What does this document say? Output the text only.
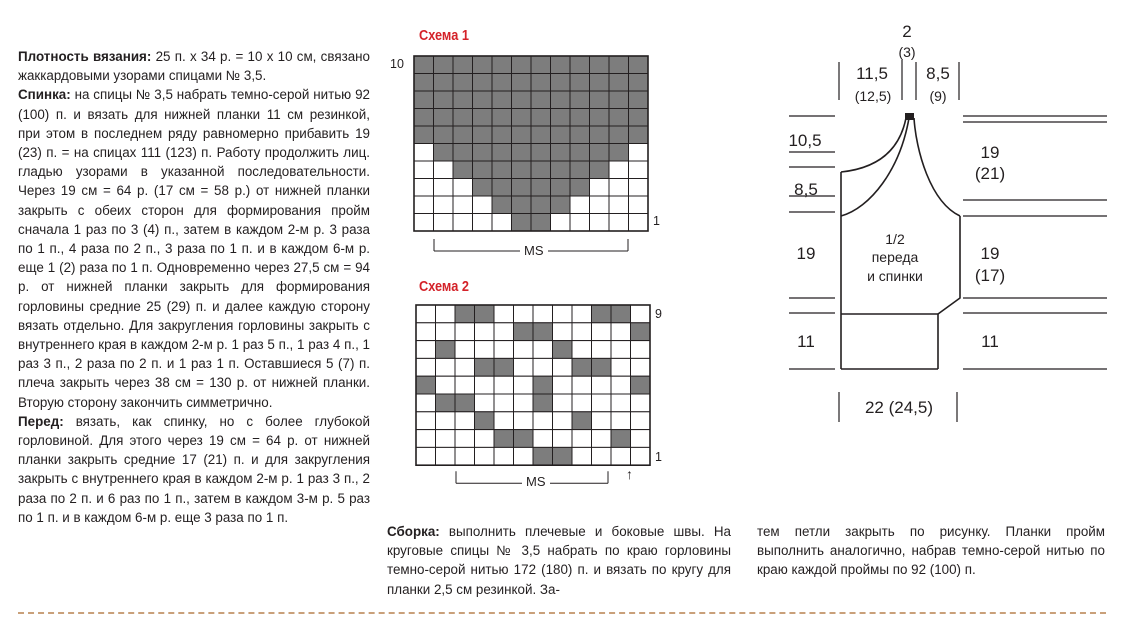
Плотность вязания: 25 п. х 34 р. = 10 х 10 см, связано жаккардовыми узорами спицами № 3,5.

Спинка: на спицы № 3,5 набрать темно-серой нитью 92 (100) п. и вязать для нижней планки 11 см резинкой, при этом в последнем ряду равномерно прибавить 19 (23) п. = на спицах 111 (123) п. Работу продолжить лиц. гладью узорами в указанной последовательности. Через 19 см = 64 р. (17 см = 58 р.) от нижней планки закрыть с обеих сторон для формирования пройм сначала 1 раз по 3 (4) п., затем в каждом 2-м р. 3 раза по 1 п., 4 раза по 2 п., 3 раза по 1 п. и в каждом 6-м р. еще 1 (2) раза по 1 п. Одновременно через 27,5 см = 94 р. от нижней планки закрыть для формирования горловины средние 25 (29) п. и далее каждую сторону вязать отдельно. Для закругления горловины закрыть с внутреннего края в каждом 2-м р. 1 раз 5 п., 1 раз 4 п., 1 раз 3 п., 2 раза по 2 п. и 1 раз 1 п. Оставшиеся 5 (7) п. плеча закрыть через 38 см = 130 р. от нижней планки. Вторую сторону закончить симметрично.

Перед: вязать, как спинку, но с более глубокой горловиной. Для этого через 19 см = 64 р. от нижней планки закрыть средние 17 (21) п. и для закругления закрыть с внутреннего края в каждом 2-м р. 1 раз 3 п., 2 раза по 2 п. и 6 раз по 1 п., затем в каждом 3-м р. 5 раз по 1 п. и в каждом 6-м р. еще 3 раза по 1 п.

Схема 1
10
1
MS
Схема 2
9
1
MS	↑

Сборка: выполнить плечевые и боковые швы. На круговые спицы № 3,5 набрать по краю горловины темно-серой нитью 172 (180) п. и вязать по кругу для планки 2,5 см резинкой. За-

тем петли закрыть по рисунку. Планки пройм выполнить аналогично, набрав темно-серой нитью по краю каждой проймы по 92 (100) п.

2
(3)
11,5
(12,5)
8,5
(9)
10,5
8,5
19
11
19
(21)
19
(17)
11
1/2
переда
и спинки
22 (24,5)
